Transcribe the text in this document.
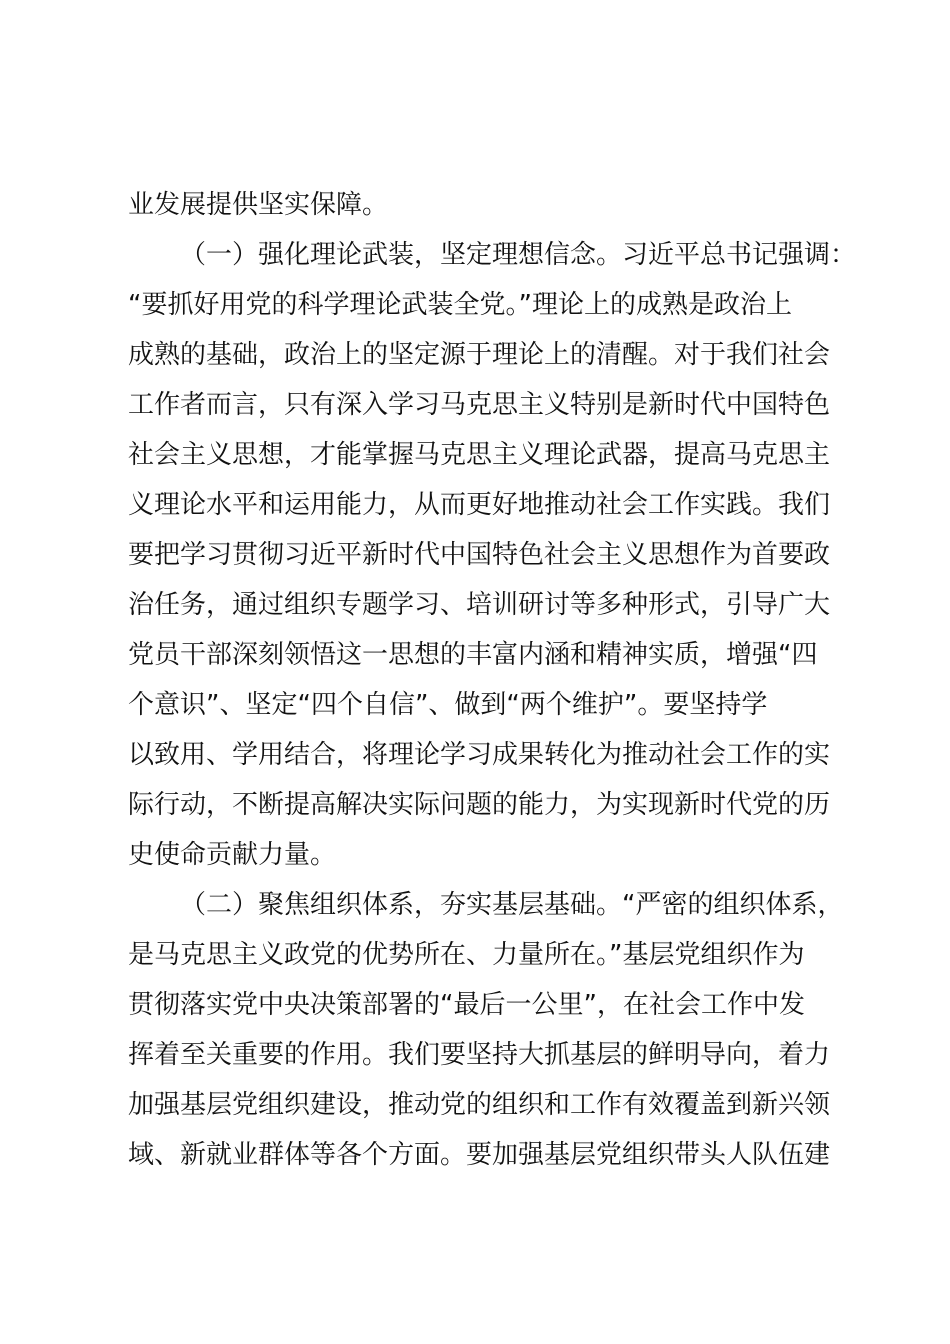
业发展提供坚实保障。
（一）强化理论武装，坚定理想信念。习近平总书记强调：
“要抓好用党的科学理论武装全党。”理论上的成熟是政治上
成熟的基础，政治上的坚定源于理论上的清醒。对于我们社会
工作者而言，只有深入学习马克思主义特别是新时代中国特色
社会主义思想，才能掌握马克思主义理论武器，提高马克思主
义理论水平和运用能力，从而更好地推动社会工作实践。我们
要把学习贯彻习近平新时代中国特色社会主义思想作为首要政
治任务，通过组织专题学习、培训研讨等多种形式，引导广大
党员干部深刻领悟这一思想的丰富内涵和精神实质，增强“四
个意识”、坚定“四个自信”、做到“两个维护”。要坚持学
以致用、学用结合，将理论学习成果转化为推动社会工作的实
际行动，不断提高解决实际问题的能力，为实现新时代党的历
史使命贡献力量。
（二）聚焦组织体系，夯实基层基础。“严密的组织体系，
是马克思主义政党的优势所在、力量所在。”基层党组织作为
贯彻落实党中央决策部署的“最后一公里”，在社会工作中发
挥着至关重要的作用。我们要坚持大抓基层的鲜明导向，着力
加强基层党组织建设，推动党的组织和工作有效覆盖到新兴领
域、新就业群体等各个方面。要加强基层党组织带头人队伍建
